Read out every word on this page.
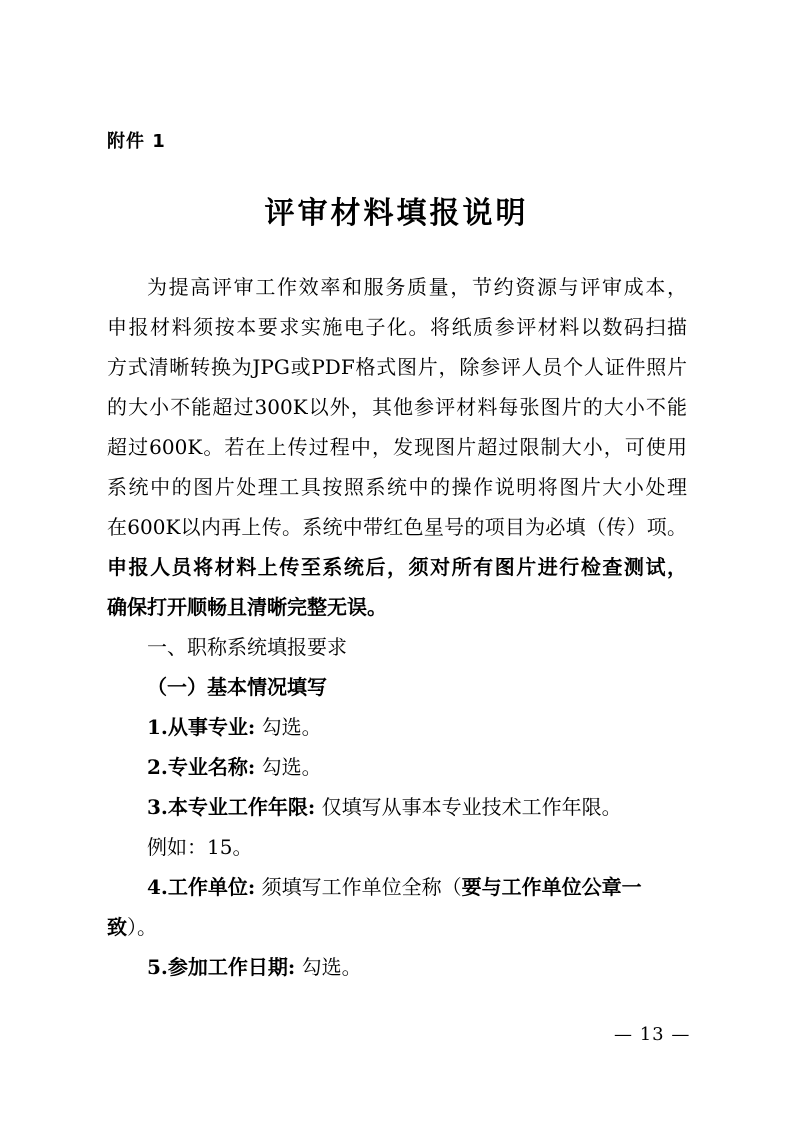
附件 1
评审材料填报说明
为提高评审工作效率和服务质量，节约资源与评审成本，
申报材料须按本要求实施电子化。将纸质参评材料以数码扫描
方式清晰转换为JPG或PDF格式图片，除参评人员个人证件照片
的大小不能超过300K以外，其他参评材料每张图片的大小不能
超过600K。若在上传过程中，发现图片超过限制大小，可使用
系统中的图片处理工具按照系统中的操作说明将图片大小处理
在600K以内再上传。系统中带红色星号的项目为必填（传）项。
申报人员将材料上传至系统后，须对所有图片进行检查测试，
确保打开顺畅且清晰完整无误。
一、职称系统填报要求
（一）基本情况填写
1.从事专业: 勾选。
2.专业名称: 勾选。
3.本专业工作年限: 仅填写从事本专业技术工作年限。
例如：15。
4.工作单位: 须填写工作单位全称（要与工作单位公章一
致）。
5.参加工作日期: 勾选。
— 13 —
